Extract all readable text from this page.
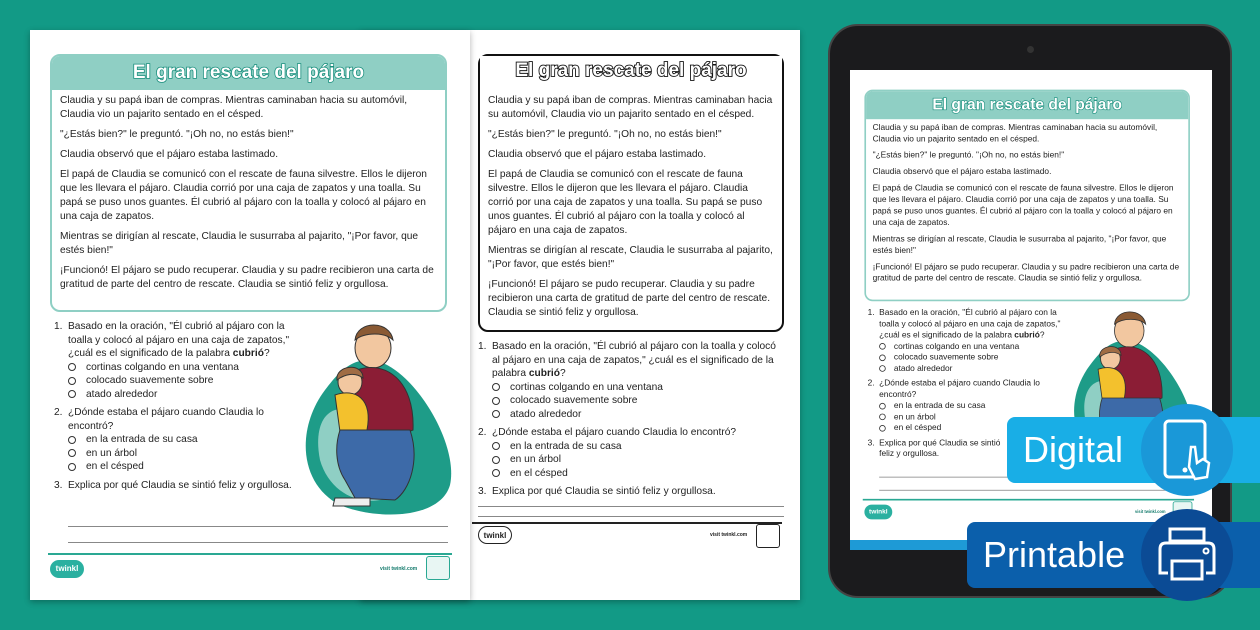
El gran rescate del pájaro

Claudia y su papá iban de compras. Mientras caminaban hacia su automóvil, Claudia vio un pajarito sentado en el césped.

"¿Estás bien?" le preguntó. "¡Oh no, no estás bien!"

Claudia observó que el pájaro estaba lastimado.

El papá de Claudia se comunicó con el rescate de fauna silvestre. Ellos le dijeron que les llevara el pájaro. Claudia corrió por una caja de zapatos y una toalla. Su papá se puso unos guantes. Él cubrió al pájaro con la toalla y colocó al pájaro en una caja de zapatos.

Mientras se dirigían al rescate, Claudia le susurraba al pajarito, "¡Por favor, que estés bien!"

¡Funcionó! El pájaro se pudo recuperar. Claudia y su padre recibieron una carta de gratitud de parte del centro de rescate. Claudia se sintió feliz y orgullosa.

1. Basado en la oración, "Él cubrió al pájaro con la toalla y colocó al pájaro en una caja de zapatos," ¿cuál es el significado de la palabra cubrió?
cortinas colgando en una ventana
colocado suavemente sobre
atado alrededor
2. ¿Dónde estaba el pájaro cuando Claudia lo encontró?
en la entrada de su casa
en un árbol
en el césped
3. Explica por qué Claudia se sintió feliz y orgullosa.
twinkl	visit twinkl.com
El gran rescate del pájaro

Claudia y su papá iban de compras. Mientras caminaban hacia su automóvil, Claudia vio un pajarito sentado en el césped.

"¿Estás bien?" le preguntó. "¡Oh no, no estás bien!"

Claudia observó que el pájaro estaba lastimado.

El papá de Claudia se comunicó con el rescate de fauna silvestre. Ellos le dijeron que les llevara el pájaro. Claudia corrió por una caja de zapatos y una toalla. Su papá se puso unos guantes. Él cubrió al pájaro con la toalla y colocó al pájaro en una caja de zapatos.

Mientras se dirigían al rescate, Claudia le susurraba al pajarito, "¡Por favor, que estés bien!"

¡Funcionó! El pájaro se pudo recuperar. Claudia y su padre recibieron una carta de gratitud de parte del centro de rescate. Claudia se sintió feliz y orgullosa.

1. Basado en la oración, "Él cubrió al pájaro con la toalla y colocó al pájaro en una caja de zapatos," ¿cuál es el significado de la palabra cubrió?
cortinas colgando en una ventana
colocado suavemente sobre
atado alrededor
2. ¿Dónde estaba el pájaro cuando Claudia lo encontró?
en la entrada de su casa
en un árbol
en el césped
3. Explica por qué Claudia se sintió feliz y orgullosa.
twinkl	visit twinkl.com
El gran rescate del pájaro

Claudia y su papá iban de compras. Mientras caminaban hacia su automóvil, Claudia vio un pajarito sentado en el césped.

"¿Estás bien?" le preguntó. "¡Oh no, no estás bien!"

Claudia observó que el pájaro estaba lastimado.

El papá de Claudia se comunicó con el rescate de fauna silvestre. Ellos le dijeron que les llevara el pájaro. Claudia corrió por una caja de zapatos y una toalla. Su papá se puso unos guantes. Él cubrió al pájaro con la toalla y colocó al pájaro en una caja de zapatos.

Mientras se dirigían al rescate, Claudia le susurraba al pajarito, "¡Por favor, que estés bien!"

¡Funcionó! El pájaro se pudo recuperar. Claudia y su padre recibieron una carta de gratitud de parte del centro de rescate. Claudia se sintió feliz y orgullosa.

1. Basado en la oración, "Él cubrió al pájaro con la toalla y colocó al pájaro en una caja de zapatos," ¿cuál es el significado de la palabra cubrió?
cortinas colgando en una ventana
colocado suavemente sobre
atado alrededor
2. ¿Dónde estaba el pájaro cuando Claudia lo encontró?
en la entrada de su casa
en un árbol
en el césped
3. Explica por qué Claudia se sintió feliz y orgullosa.
twinkl	visit twinkl.com
Digital
Printable
